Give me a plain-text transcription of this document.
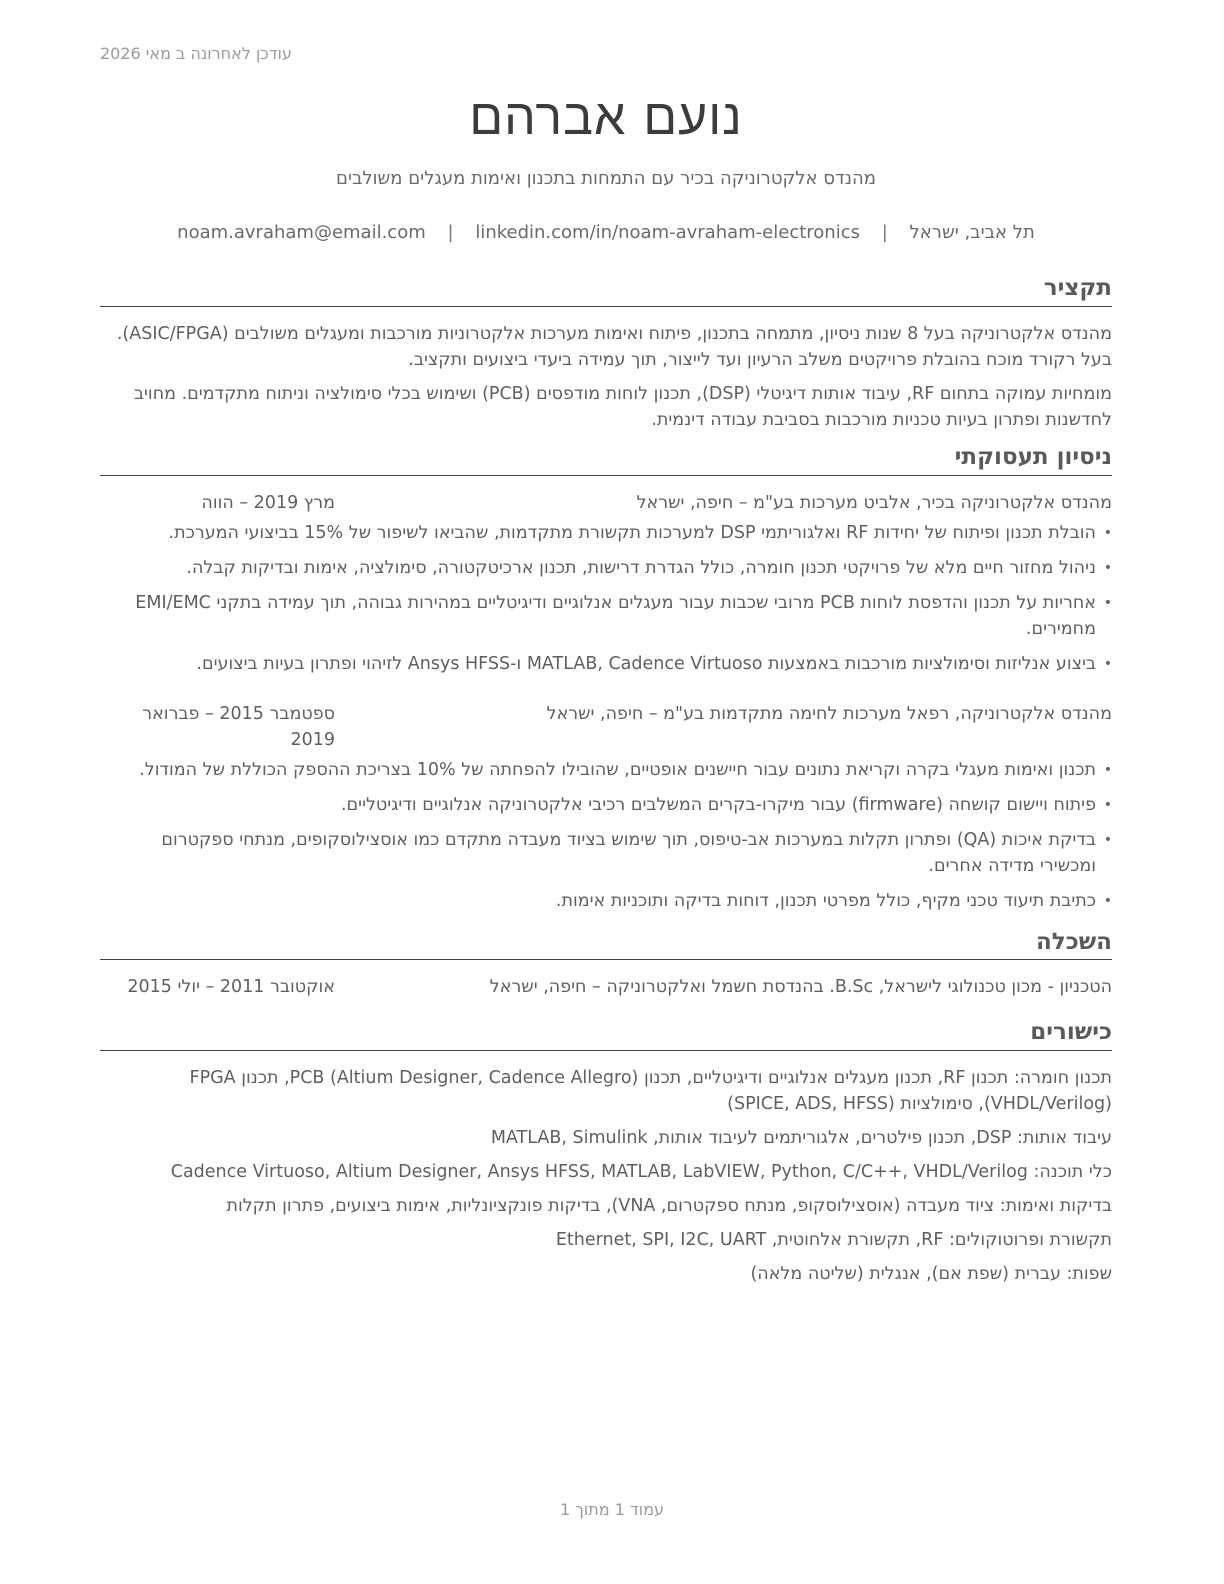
עודכן לאחרונה ב מאי 2026
נועם אברהם
מהנדס אלקטרוניקה בכיר עם התמחות בתכנון ואימות מעגלים משולבים
תל אביב, ישראל | noam.avraham@email.com | linkedin.com/in/noam-avraham-electronics
תקציר

מהנדס אלקטרוניקה בעל 8 שנות ניסיון, מתמחה בתכנון, פיתוח ואימות מערכות אלקטרוניות מורכבות ומעגלים משולבים (ASIC/FPGA). בעל רקורד מוכח בהובלת פרויקטים משלב הרעיון ועד לייצור, תוך עמידה ביעדי ביצועים ותקציב.

מומחיות עמוקה בתחום RF, עיבוד אותות דיגיטלי (DSP), תכנון לוחות מודפסים (PCB) ושימוש בכלי סימולציה וניתוח מתקדמים. מחויב לחדשנות ופתרון בעיות טכניות מורכבות בסביבת עבודה דינמית.

ניסיון תעסוקתי
מהנדס אלקטרוניקה בכיר, אלביט מערכות בע"מ – חיפה, ישראל
מרץ 2019 – הווה
• הובלת תכנון ופיתוח של יחידות RF ואלגוריתמי DSP למערכות תקשורת מתקדמות, שהביאו לשיפור של 15% בביצועי המערכת.
• ניהול מחזור חיים מלא של פרויקטי תכנון חומרה, כולל הגדרת דרישות, תכנון ארכיטקטורה, סימולציה, אימות ובדיקות קבלה.
• אחריות על תכנון והדפסת לוחות PCB מרובי שכבות עבור מעגלים אנלוגיים ודיגיטליים במהירות גבוהה, תוך עמידה בתקני EMI/EMC מחמירים.
• ביצוע אנליזות וסימולציות מורכבות באמצעות MATLAB, Cadence Virtuoso ו-Ansys HFSS לזיהוי ופתרון בעיות ביצועים.
מהנדס אלקטרוניקה, רפאל מערכות לחימה מתקדמות בע"מ – חיפה, ישראל
ספטמבר 2015 – פברואר 2019
• תכנון ואימות מעגלי בקרה וקריאת נתונים עבור חיישנים אופטיים, שהובילו להפחתה של 10% בצריכת ההספק הכוללת של המודול.
• פיתוח ויישום קושחה (firmware) עבור מיקרו-בקרים המשלבים רכיבי אלקטרוניקה אנלוגיים ודיגיטליים.
• בדיקת איכות (QA) ופתרון תקלות במערכות אב-טיפוס, תוך שימוש בציוד מעבדה מתקדם כמו אוסצילוסקופים, מנתחי ספקטרום ומכשירי מדידה אחרים.
• כתיבת תיעוד טכני מקיף, כולל מפרטי תכנון, דוחות בדיקה ותוכניות אימות.
השכלה
הטכניון - מכון טכנולוגי לישראל, B.Sc. בהנדסת חשמל ואלקטרוניקה – חיפה, ישראל
אוקטובר 2011 – יולי 2015
כישורים

תכנון חומרה: תכנון RF, תכנון מעגלים אנלוגיים ודיגיטליים, תכנון PCB (Altium Designer, Cadence Allegro), תכנון FPGA (VHDL/Verilog), סימולציות (SPICE, ADS, HFSS)

עיבוד אותות: DSP, תכנון פילטרים, אלגוריתמים לעיבוד אותות, MATLAB, Simulink

כלי תוכנה: Cadence Virtuoso, Altium Designer, Ansys HFSS, MATLAB, LabVIEW, Python, C/C++, VHDL/Verilog

בדיקות ואימות: ציוד מעבדה (אוסצילוסקופ, מנתח ספקטרום, VNA), בדיקות פונקציונליות, אימות ביצועים, פתרון תקלות

תקשורת ופרוטוקולים: RF, תקשורת אלחוטית, Ethernet, SPI, I2C, UART

שפות: עברית (שפת אם), אנגלית (שליטה מלאה)

עמוד 1 מתוך 1
